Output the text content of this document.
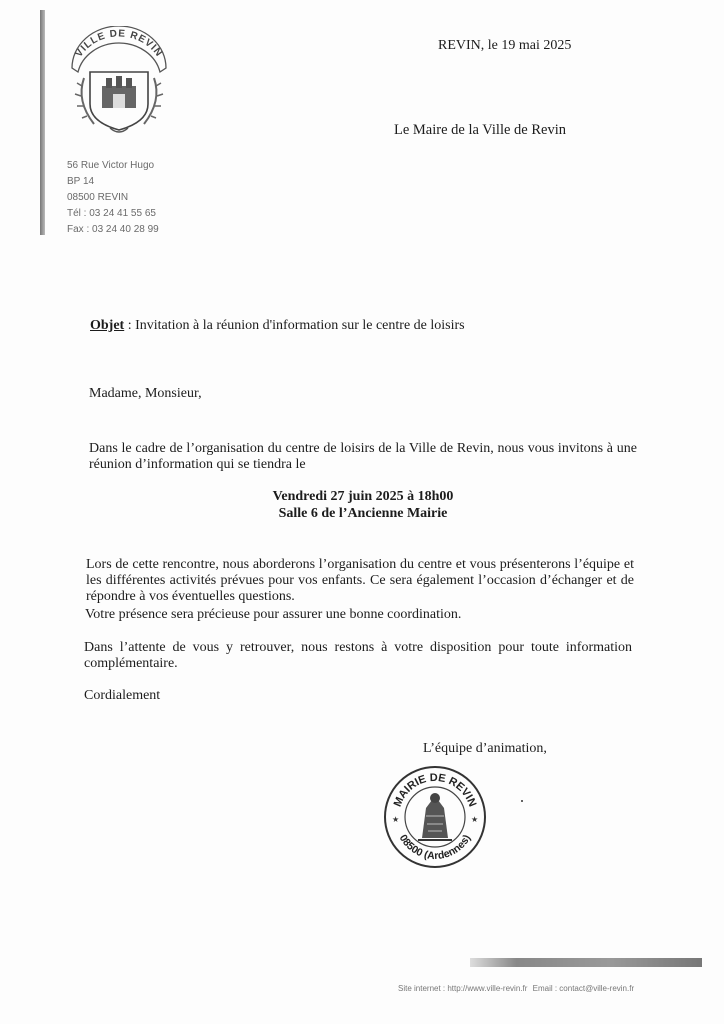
VILLE DE REVIN
56 Rue Victor Hugo
BP 14
08500 REVIN
Tél : 03 24 41 55 65
Fax : 03 24 40 28 99
REVIN, le 19 mai 2025
Le Maire de la Ville de Revin
Objet : Invitation à la réunion d'information sur le centre de loisirs
Madame, Monsieur,
Dans le cadre de l’organisation du centre de loisirs de la Ville de Revin, nous vous invitons à une réunion d’information qui se tiendra le
Vendredi 27 juin 2025 à 18h00
Salle 6 de l’Ancienne Mairie
Lors de cette rencontre, nous aborderons l’organisation du centre et vous présenterons l’équipe et les différentes activités prévues pour vos enfants. Ce sera également l’occasion d’échanger et de répondre à vos éventuelles questions.
Votre présence sera précieuse pour assurer une bonne coordination.
Dans l’attente de vous y retrouver, nous restons à votre disposition pour toute information complémentaire.
Cordialement
L’équipe d’animation,
MAIRIE DE REVIN
08500 (Ardennes)
★	★
Site internet : http://www.ville-revin.fr Email : contact@ville-revin.fr
